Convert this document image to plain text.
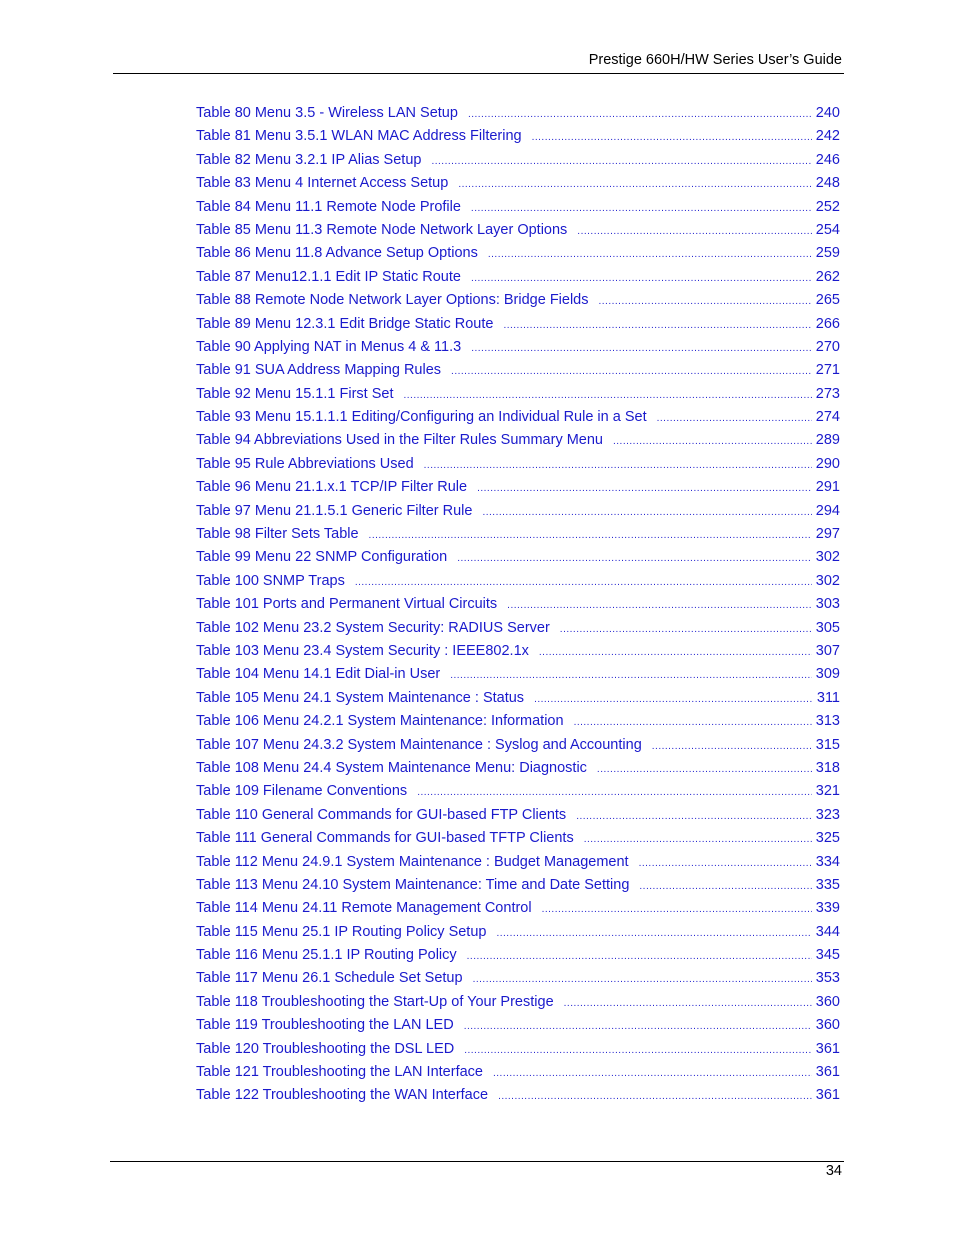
Prestige 660H/HW Series User’s Guide
Table 80 Menu 3.5 - Wireless LAN Setup .....	240
Table 81 Menu 3.5.1 WLAN MAC Address Filtering .....	242
Table 82 Menu 3.2.1 IP Alias Setup .....	246
Table 83 Menu 4 Internet Access Setup .....	248
Table 84 Menu 11.1 Remote Node Profile .....	252
Table 85 Menu 11.3 Remote Node Network Layer Options .....	254
Table 86 Menu 11.8 Advance Setup Options .....	259
Table 87 Menu12.1.1 Edit IP Static Route .....	262
Table 88 Remote Node Network Layer Options: Bridge Fields .....	265
Table 89 Menu 12.3.1 Edit Bridge Static Route .....	266
Table 90 Applying NAT in Menus 4 & 11.3 .....	270
Table 91 SUA Address Mapping Rules .....	271
Table 92 Menu 15.1.1 First Set .....	273
Table 93 Menu 15.1.1.1 Editing/Configuring an Individual Rule in a Set .....	274
Table 94 Abbreviations Used in the Filter Rules Summary Menu .....	289
Table 95 Rule Abbreviations Used .....	290
Table 96 Menu 21.1.x.1 TCP/IP Filter Rule .....	291
Table 97 Menu 21.1.5.1 Generic Filter Rule .....	294
Table 98 Filter Sets Table .....	297
Table 99 Menu 22 SNMP Configuration .....	302
Table 100 SNMP Traps .....	302
Table 101 Ports and Permanent Virtual Circuits .....	303
Table 102 Menu 23.2 System Security: RADIUS Server .....	305
Table 103 Menu 23.4 System Security : IEEE802.1x .....	307
Table 104 Menu 14.1 Edit Dial-in User .....	309
Table 105 Menu 24.1 System Maintenance : Status .....	311
Table 106 Menu 24.2.1 System Maintenance: Information .....	313
Table 107 Menu 24.3.2 System Maintenance : Syslog and Accounting .....	315
Table 108 Menu 24.4 System Maintenance Menu: Diagnostic .....	318
Table 109 Filename Conventions .....	321
Table 110 General Commands for GUI-based FTP Clients .....	323
Table 111 General Commands for GUI-based TFTP Clients .....	325
Table 112 Menu 24.9.1 System Maintenance : Budget Management .....	334
Table 113 Menu 24.10 System Maintenance: Time and Date Setting .....	335
Table 114 Menu 24.11 Remote Management Control .....	339
Table 115 Menu 25.1 IP Routing Policy Setup .....	344
Table 116 Menu 25.1.1 IP Routing Policy .....	345
Table 117 Menu 26.1 Schedule Set Setup .....	353
Table 118 Troubleshooting the Start-Up of Your Prestige .....	360
Table 119 Troubleshooting the LAN LED .....	360
Table 120 Troubleshooting the DSL LED .....	361
Table 121 Troubleshooting the LAN Interface .....	361
Table 122 Troubleshooting the WAN Interface .....	361
34
